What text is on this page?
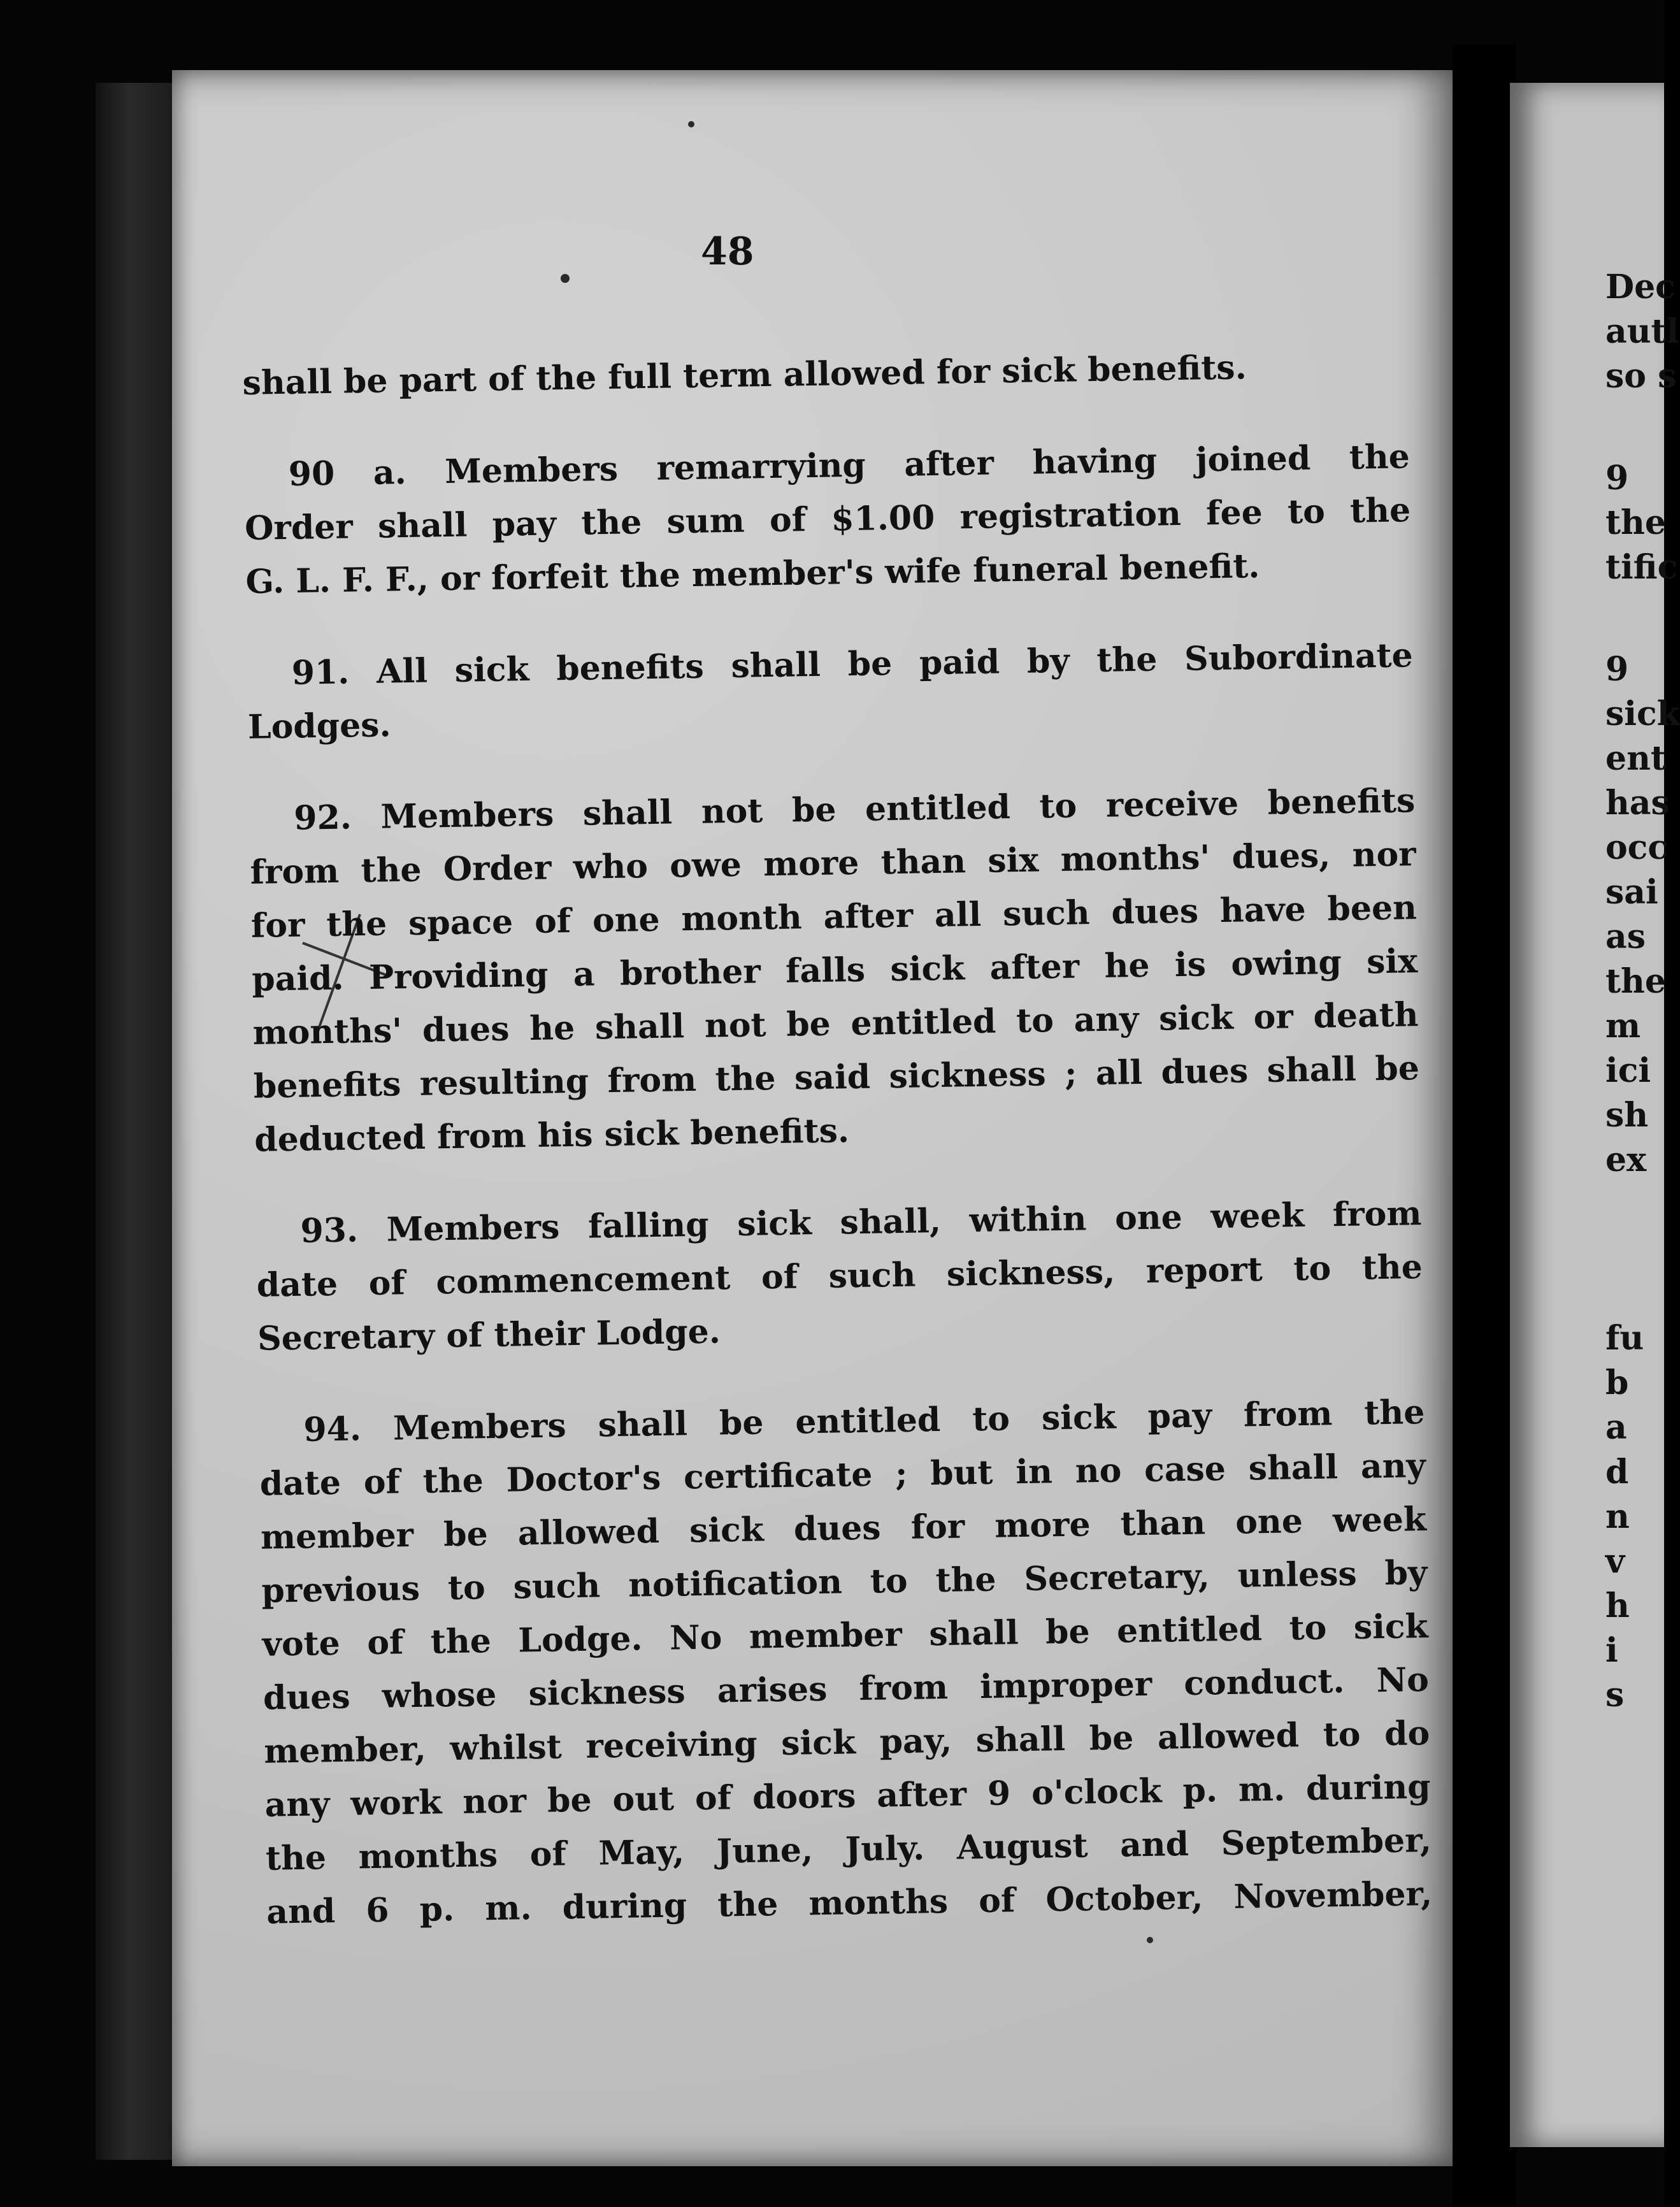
48
shall be part of the full term allowed for sick benefits.
90 a. Members remarrying after having joined the
Order shall pay the sum of $1.00 registration fee to the
G. L. F. F., or forfeit the member's wife funeral benefit.
91. All sick benefits shall be paid by the Subordinate
Lodges.
92. Members shall not be entitled to receive benefits
from the Order who owe more than six months' dues, nor
for the space of one month after all such dues have been
paid. Providing a brother falls sick after he is owing six
months' dues he shall not be entitled to any sick or death
benefits resulting from the said sickness ; all dues shall be
deducted from his sick benefits.
93. Members falling sick shall, within one week from
date of commencement of such sickness, report to the
Secretary of their Lodge.
94. Members shall be entitled to sick pay from the
date of the Doctor's certificate ; but in no case shall any
member be allowed sick dues for more than one week
previous to such notification to the Secretary, unless by
vote of the Lodge. No member shall be entitled to sick
dues whose sickness arises from improper conduct. No
member, whilst receiving sick pay, shall be allowed to do
any work nor be out of doors after 9 o'clock p. m. during
the months of May, June, July. August and September,
and 6 p. m. during the months of October, November,
Dec
autl
so s
9
the
tific
9
sick
ent
has
occ
sai
as
the
m
ici
sh
ex
fu
b
a
d
n
v
h
i
s
